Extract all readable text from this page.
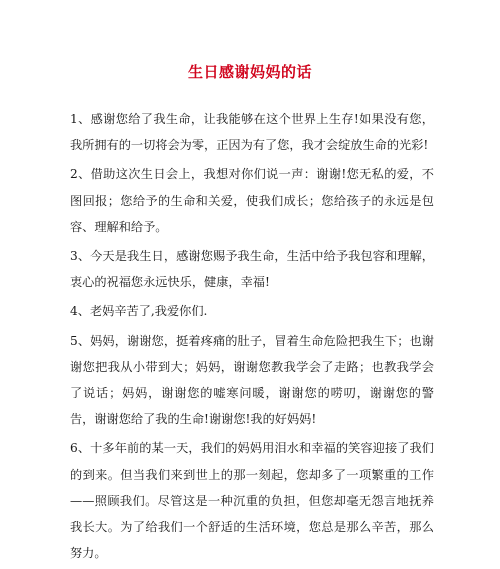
生日感谢妈妈的话

1、感谢您给了我生命，让我能够在这个世界上生存!如果没有您，我所拥有的一切将会为零，正因为有了您，我才会绽放生命的光彩!

2、借助这次生日会上，我想对你们说一声：谢谢!您无私的爱，不图回报；您给予的生命和关爱，使我们成长；您给孩子的永远是包容、理解和给予。

3、今天是我生日，感谢您赐予我生命，生活中给予我包容和理解，衷心的祝福您永远快乐，健康，幸福!

4、老妈辛苦了,我爱你们.

5、妈妈，谢谢您，挺着疼痛的肚子，冒着生命危险把我生下；也谢谢您把我从小带到大；妈妈，谢谢您教我学会了走路；也教我学会了说话；妈妈，谢谢您的嘘寒问暖，谢谢您的唠叨，谢谢您的警告，谢谢您给了我的生命!谢谢您!我的好妈妈!

6、十多年前的某一天，我们的妈妈用泪水和幸福的笑容迎接了我们的到来。但当我们来到世上的那一刻起，您却多了一项繁重的工作——照顾我们。尽管这是一种沉重的负担，但您却毫无怨言地抚养我长大。为了给我们一个舒适的生活环境，您总是那么辛苦，那么努力。
